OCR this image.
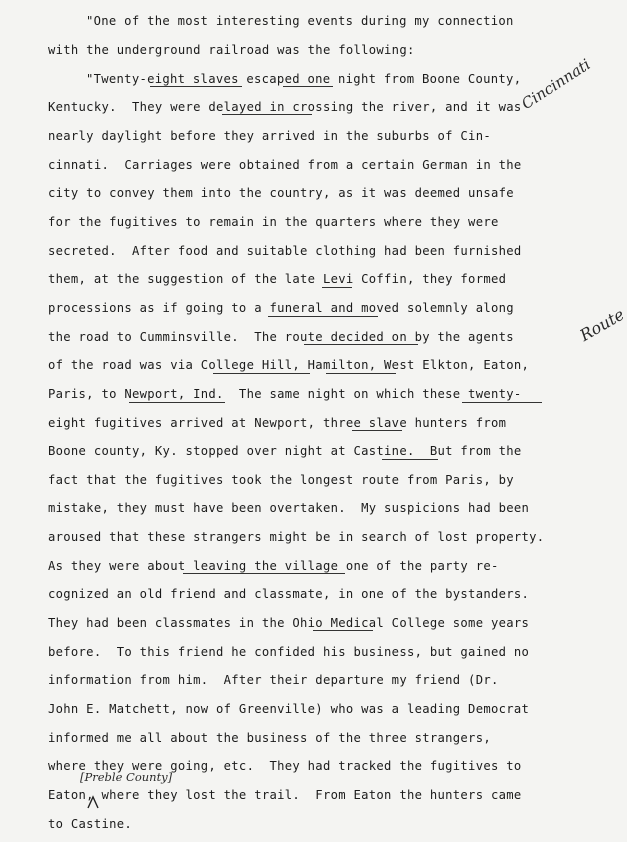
"One of the most interesting events during my connection
with the underground railroad was the following:
"Twenty-eight slaves escaped one night from Boone County,
Kentucky.  They were delayed in crossing the river, and it was
nearly daylight before they arrived in the suburbs of Cin-
cinnati.  Carriages were obtained from a certain German in the
city to convey them into the country, as it was deemed unsafe
for the fugitives to remain in the quarters where they were
secreted.  After food and suitable clothing had been furnished
them, at the suggestion of the late Levi Coffin, they formed
processions as if going to a funeral and moved solemnly along
the road to Cumminsville.  The route decided on by the agents
of the road was via College Hill, Hamilton, West Elkton, Eaton,
Paris, to Newport, Ind.  The same night on which these twenty-
eight fugitives arrived at Newport, three slave hunters from
Boone county, Ky. stopped over night at Castine.  But from the
fact that the fugitives took the longest route from Paris, by
mistake, they must have been overtaken.  My suspicions had been
aroused that these strangers might be in search of lost property.
As they were about leaving the village one of the party re-
cognized an old friend and classmate, in one of the bystanders.
They had been classmates in the Ohio Medical College some years
before.  To this friend he confided his business, but gained no
information from him.  After their departure my friend (Dr.
John E. Matchett, now of Greenville) who was a leading Democrat
informed me all about the business of the three strangers,
where they were going, etc.  They had tracked the fugitives to
Eaton, where they lost the trail.  From Eaton the hunters came
to Castine.
Cincinnati
Route
[Preble County]
